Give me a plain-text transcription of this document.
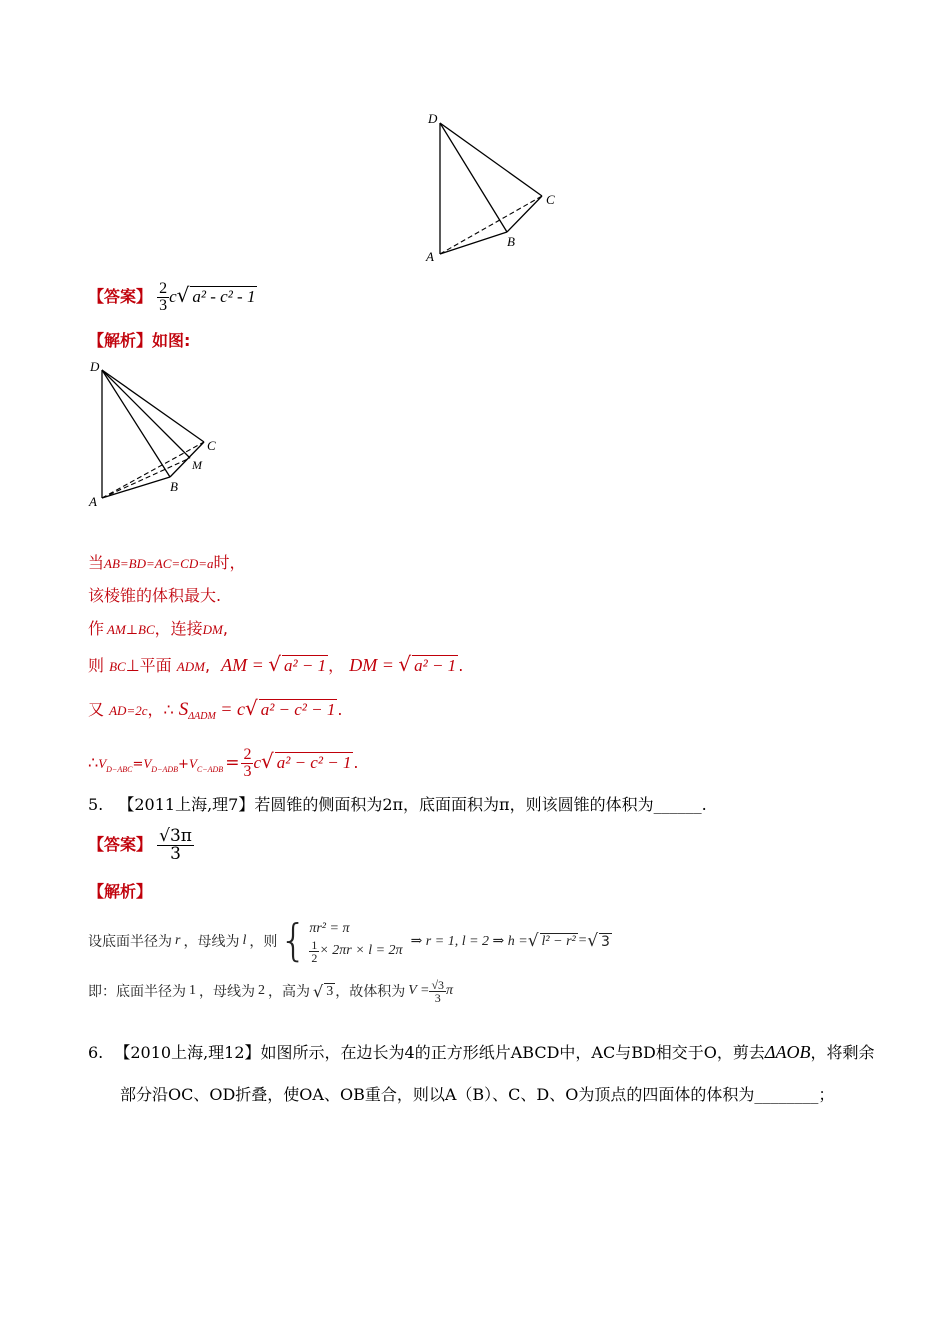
D
C
A
B
【答案】 $\frac{2}{3} c√$ a² - c² - 1
【解析】如图:
D
C
M
A
B
当AB=BD=AC=CD=a时，
该棱锥的体积最大.
作 AM⊥BC，连接DM,
则 BC⊥平面 ADM, AM = √ a² − 1 ， DM = √ a² − 1 .
又 AD=2c，∴ $S_{\Delta ADM} = c√$ a² − c² − 1 .
$\therefore V_{D-ABC}=V_{D-ADB}+V_{C-ADB} = \frac{2}{3} c√$ a² − c² − 1 .
5. 【2011上海,理7】若圆锥的侧面积为2π，底面面积为π，则该圆锥的体积为______.
【答案】 $\frac{√3\pi}{3}$
【解析】
设底面半径为 r ，母线为 l ，则 { πr² = π
$\frac{1}{2} \times 2\pi r \times l = 2\pi$
⇒ r = 1, l = 2 ⇒ h = √ l² − r² = √ 3
即：底面半径为 1 ，母线为 2 ，高为 √ 3 ，故体积为 $V = \frac{√3}{3}$ π
6. 【2010上海,理12】如图所示，在边长为4的正方形纸片ABCD中，AC与BD相交于O，剪去ΔAOB，将剩余
部分沿OC、OD折叠，使OA、OB重合，则以A（B）、C、D、O为顶点的四面体的体积为________；
